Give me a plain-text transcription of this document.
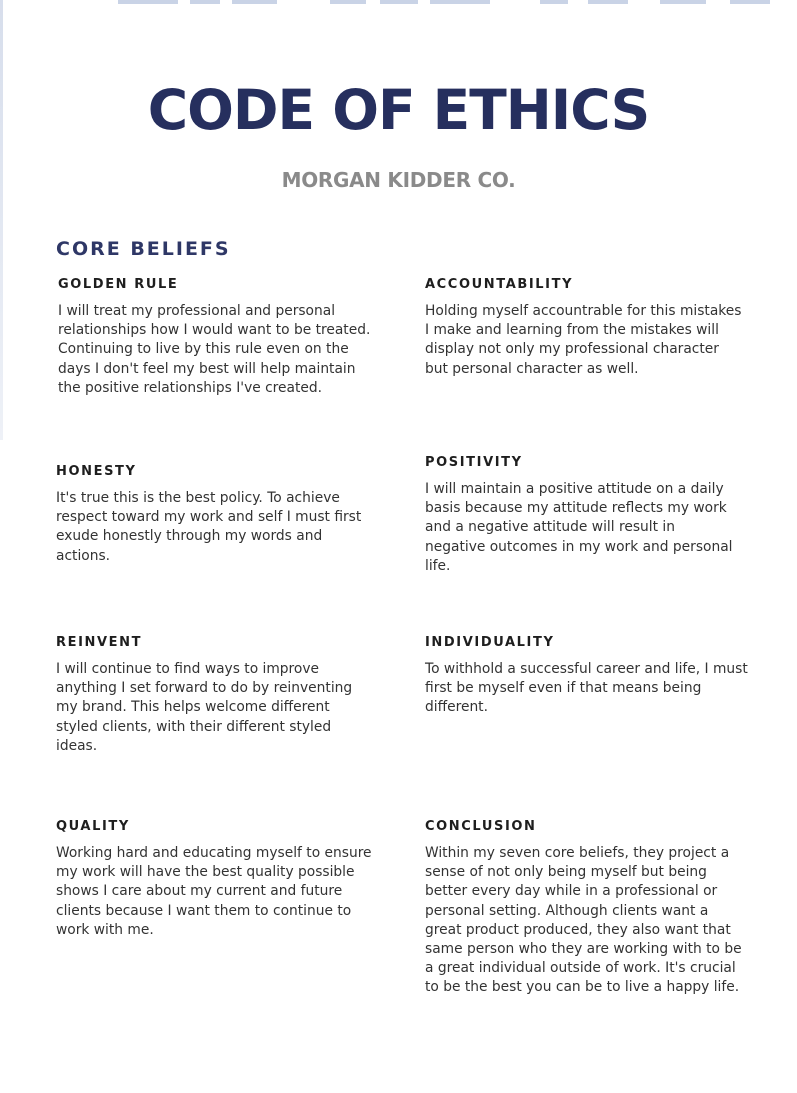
CODE OF ETHICS
MORGAN KIDDER CO.
CORE BELIEFS

GOLDEN RULE

I will treat my professional and personal relationships how I would want to be treated. Continuing to live by this rule even on the days I don't feel my best will help maintain the positive relationships I've created.

ACCOUNTABILITY

Holding myself accountrable for this mistakes I make and learning from the mistakes will display not only my professional character but personal character as well.

HONESTY

It's true this is the best policy. To achieve respect toward my work and self I must first exude honestly through my words and actions.

POSITIVITY

I will maintain a positive attitude on a daily basis because my attitude reflects my work and a negative attitude will result in negative outcomes in my work and personal life.

REINVENT

I will continue to find ways to improve anything I set forward to do by reinventing my brand. This helps welcome different styled clients, with their different styled ideas.

INDIVIDUALITY

To withhold a successful career and life, I must first be myself even if that means being different.

QUALITY

Working hard and educating myself to ensure my work will have the best quality possible shows I care about my current and future clients because I want them to continue to work with me.

CONCLUSION

Within my seven core beliefs, they project a sense of not only being myself but being better every day while in a professional or personal setting. Although clients want a great product produced, they also want that same person who they are working with to be a great individual outside of work. It's crucial to be the best you can be to live a happy life.
